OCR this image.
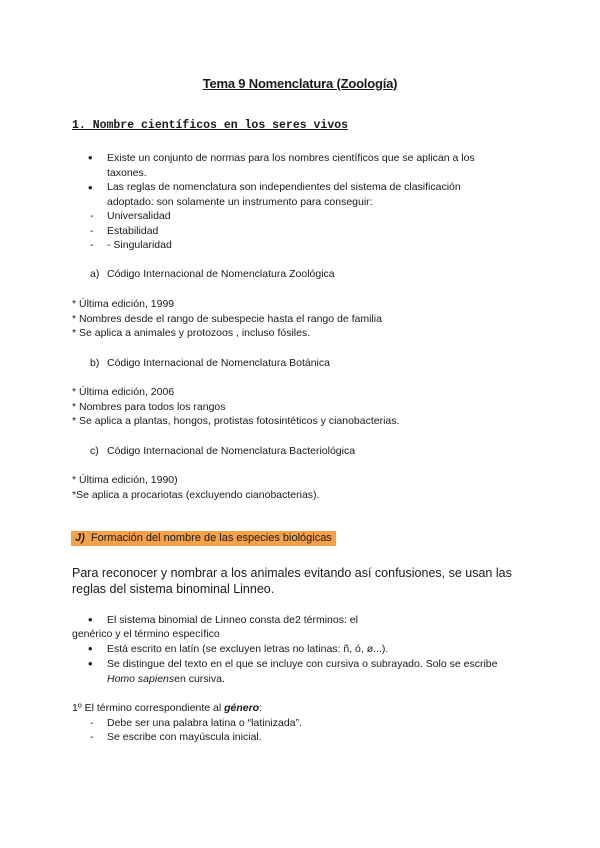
Tema 9 Nomenclatura (Zoología)
1. Nombre científicos en los seres vivos
• Existe un conjunto de normas para los nombres científicos que se aplican a los
taxones.
• Las reglas de nomenclatura son independientes del sistema de clasificación
adoptado: son solamente un instrumento para conseguir:
- Universalidad
- Estabilidad
- - Singularidad
a) Código Internacional de Nomenclatura Zoológica
* Última edición, 1999
* Nombres desde el rango de subespecie hasta el rango de familia
* Se aplica a animales y protozoos , incluso fósiles.
b) Código Internacional de Nomenclatura Botánica
* Última edición, 2006
* Nombres para todos los rangos
* Se aplica a plantas, hongos, protistas fotosintéticos y cianobacterias.
c) Código Internacional de Nomenclatura Bacteriológica
* Última edición, 1990)
*Se aplica a procariotas (excluyendo cianobacterias).
J) Formación del nombre de las especies biológicas
Para reconocer y nombrar a los animales evitando así confusiones, se usan las
reglas del sistema binominal Linneo.
• El sistema binomial de Linneo consta de2 términos: el
genérico y el término específico
• Está escrito en latín (se excluyen letras no latinas: ñ, ó, ø...).
• Se distingue del texto en el que se incluye con cursiva o subrayado. Solo se escribe
Homo sapiensen cursiva.
1º El término correspondiente al género:
- Debe ser una palabra latina o “latinizada”.
- Se escribe con mayúscula inicial.
